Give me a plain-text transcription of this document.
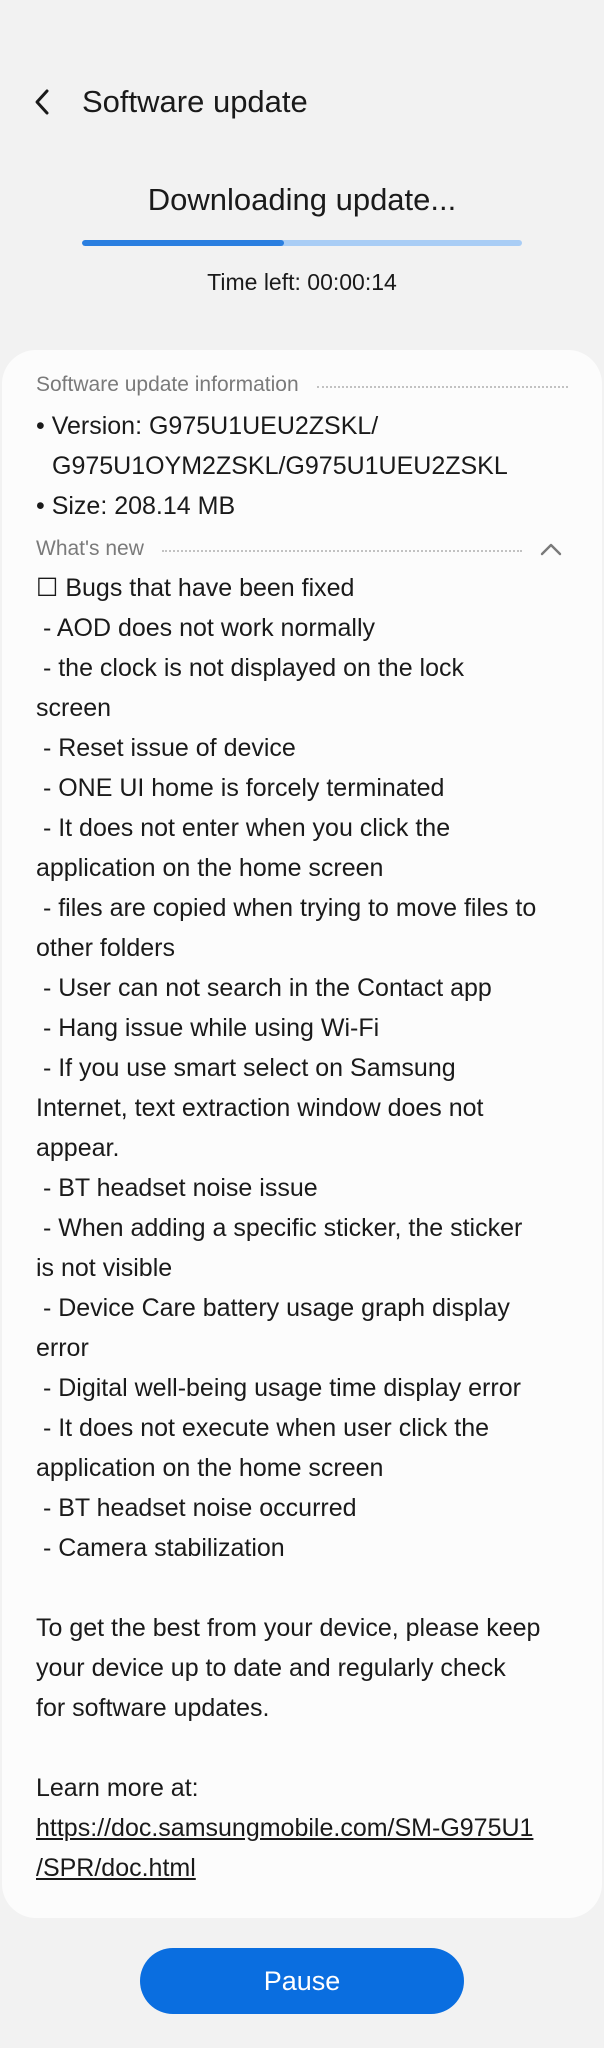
Software update
Downloading update...
Time left: 00:00:14
Software update information
• Version: G975U1UEU2ZSKL/
G975U1OYM2ZSKL/G975U1UEU2ZSKL
• Size: 208.14 MB
What's new
☐ Bugs that have been fixed
- AOD does not work normally
- the clock is not displayed on the lock
screen
- Reset issue of device
- ONE UI home is forcely terminated
- It does not enter when you click the
application on the home screen
- files are copied when trying to move files to
other folders
- User can not search in the Contact app
- Hang issue while using Wi-Fi
- If you use smart select on Samsung
Internet, text extraction window does not
appear.
- BT headset noise issue
- When adding a specific sticker, the sticker
is not visible
- Device Care battery usage graph display
error
- Digital well-being usage time display error
- It does not execute when user click the
application on the home screen
- BT headset noise occurred
- Camera stabilization
To get the best from your device, please keep
your device up to date and regularly check
for software updates.
Learn more at:
https://doc.samsungmobile.com/SM-G975U1
/SPR/doc.html
Pause
